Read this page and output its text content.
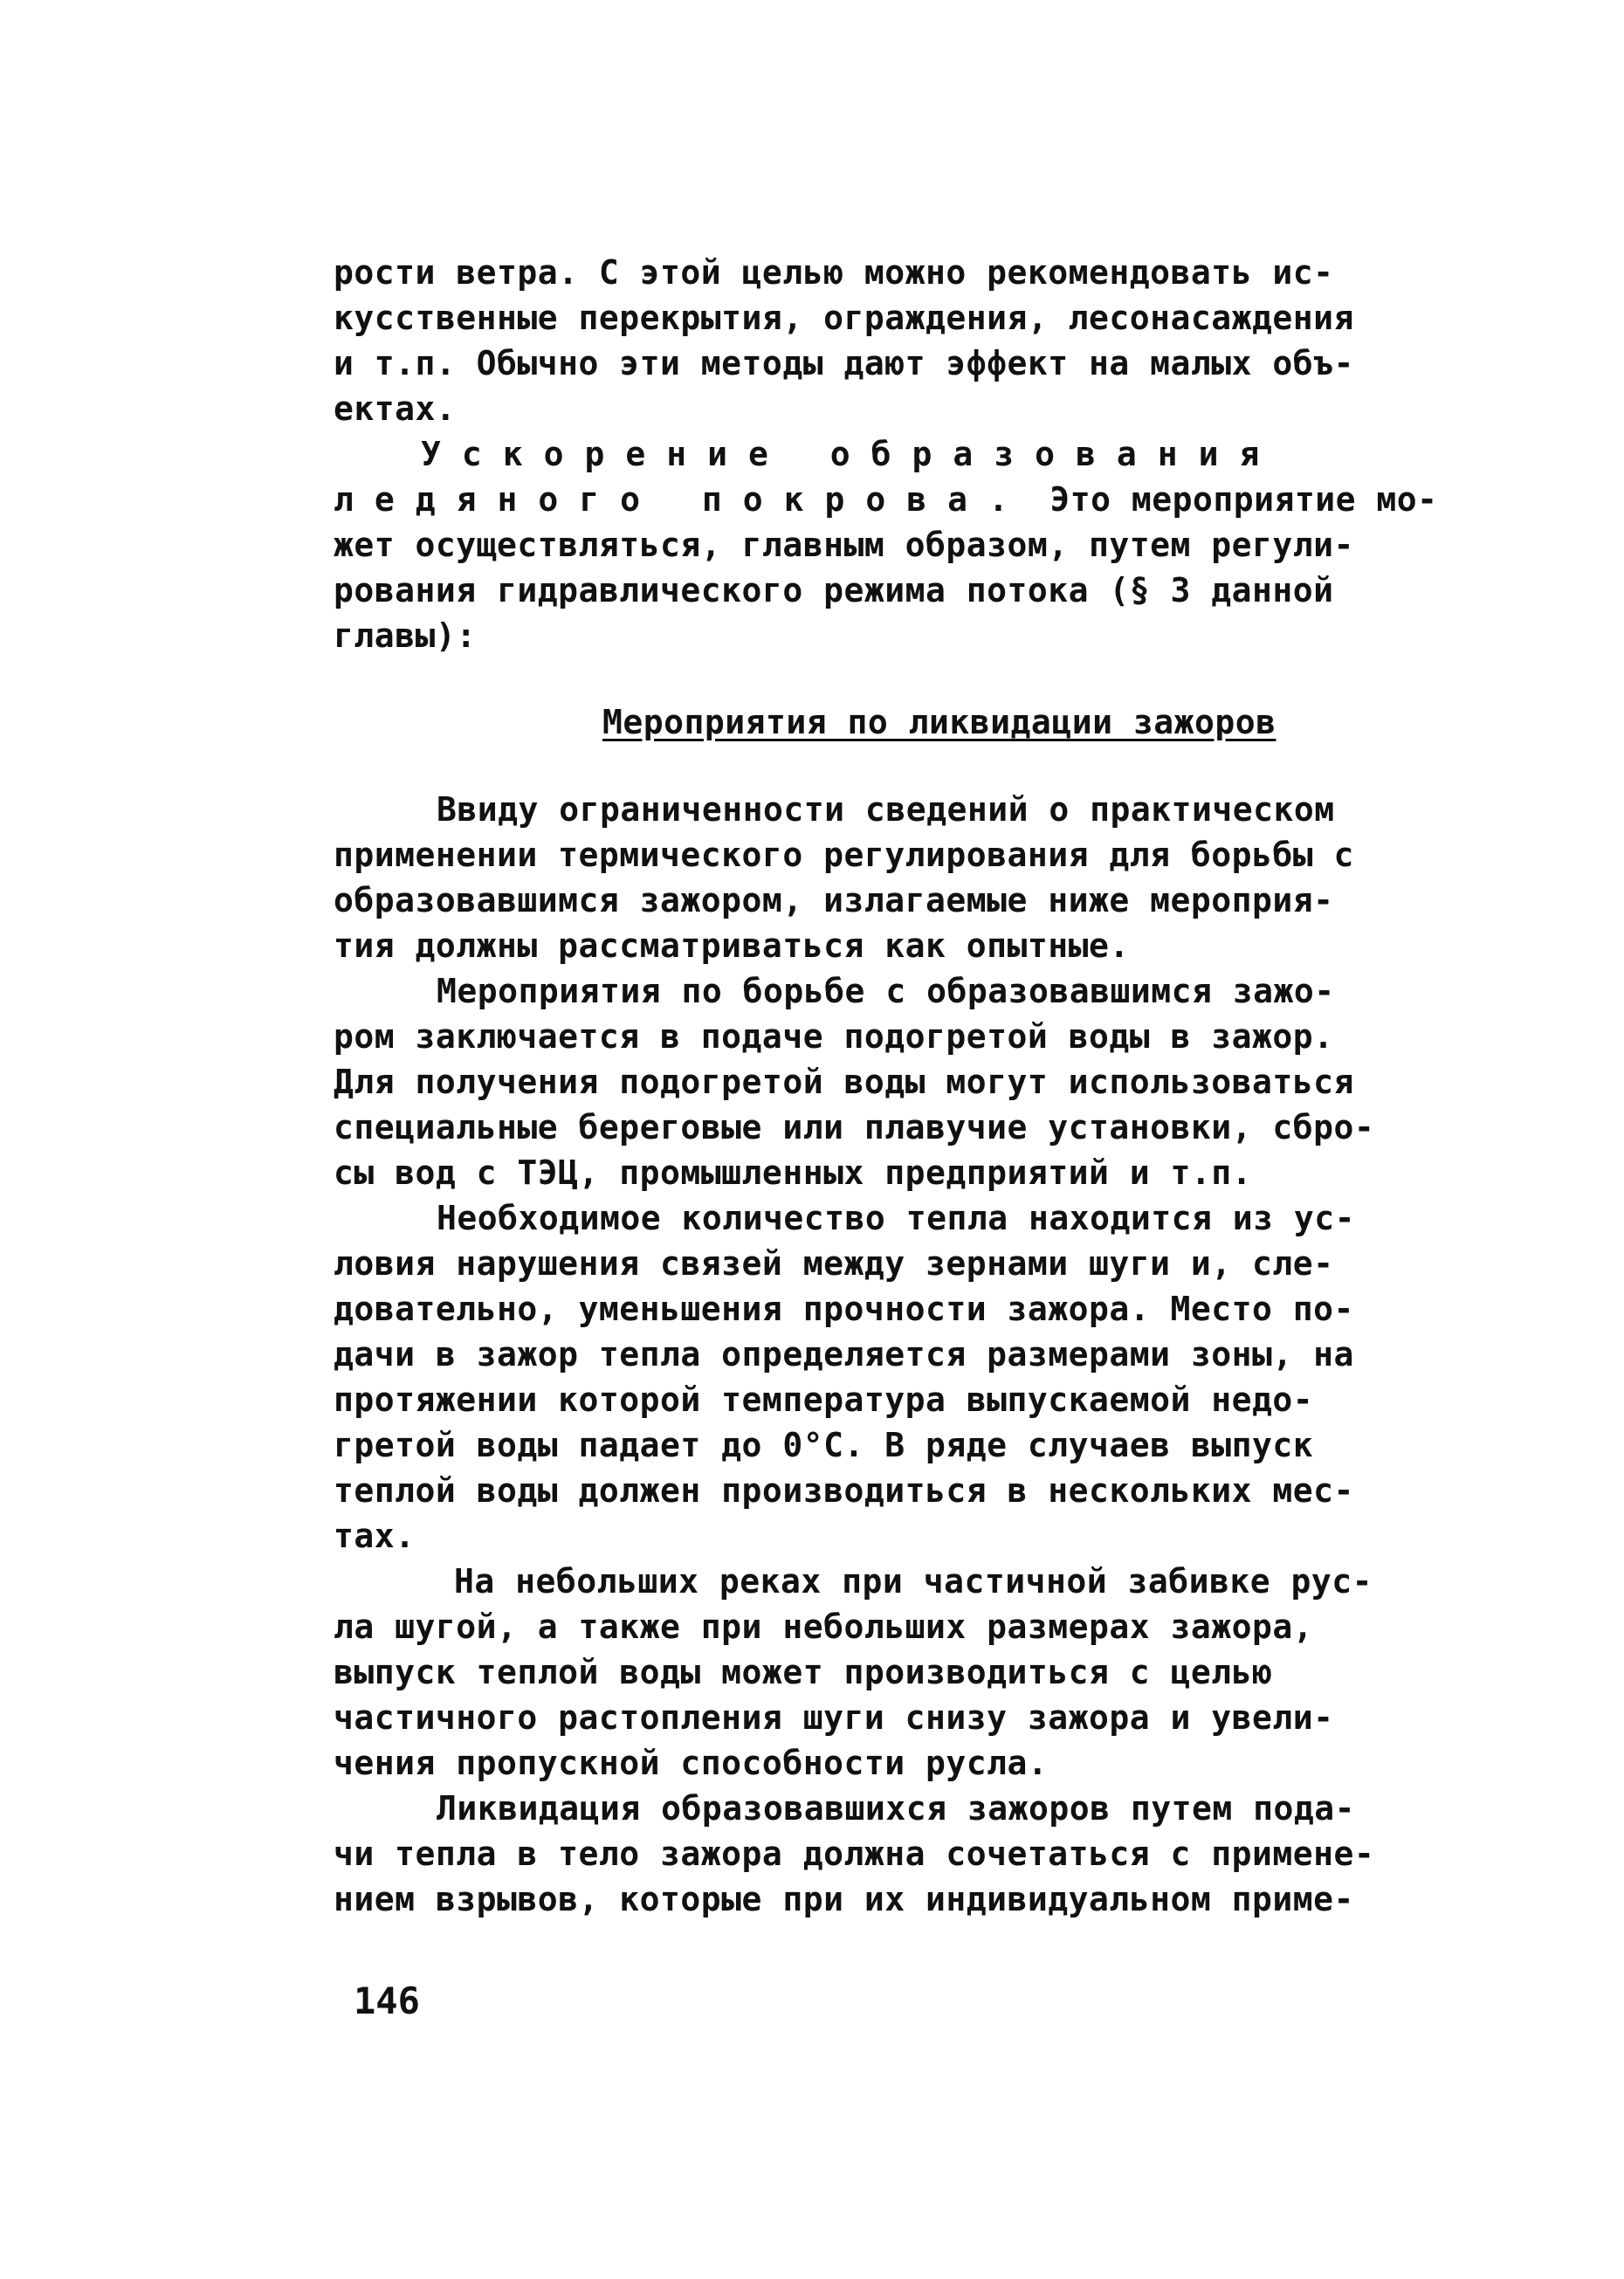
рости ветра. С этой целью можно рекомендовать ис-
кусственные перекрытия, ограждения, лесонасаждения
и т.п. Обычно эти методы дают эффект на малых объ-
ектах.
Ускорение образования
ледяного покрова. Это мероприятие мо-
жет осуществляться, главным образом, путем регули-
рования гидравлического режима потока (§ 3 данной
главы):
Мероприятия по ликвидации зажоров
Ввиду ограниченности сведений о практическом
применении термического регулирования для борьбы с
образовавшимся зажором, излагаемые ниже мероприя-
тия должны рассматриваться как опытные.
Мероприятия по борьбе с образовавшимся зажо-
ром заключается в подаче подогретой воды в зажор.
Для получения подогретой воды могут использоваться
специальные береговые или плавучие установки, сбро-
сы вод с ТЭЦ, промышленных предприятий и т.п.
Необходимое количество тепла находится из ус-
ловия нарушения связей между зернами шуги и, сле-
довательно, уменьшения прочности зажора. Место по-
дачи в зажор тепла определяется размерами зоны, на
протяжении которой температура выпускаемой недо-
гретой воды падает до 0°С. В ряде случаев выпуск
теплой воды должен производиться в нескольких мес-
тах.
На небольших реках при частичной забивке рус-
ла шугой, а также при небольших размерах зажора,
выпуск теплой воды может производиться с целью
частичного растопления шуги снизу зажора и увели-
чения пропускной способности русла.
Ликвидация образовавшихся зажоров путем пода-
чи тепла в тело зажора должна сочетаться с примене-
нием взрывов, которые при их индивидуальном приме-
146
